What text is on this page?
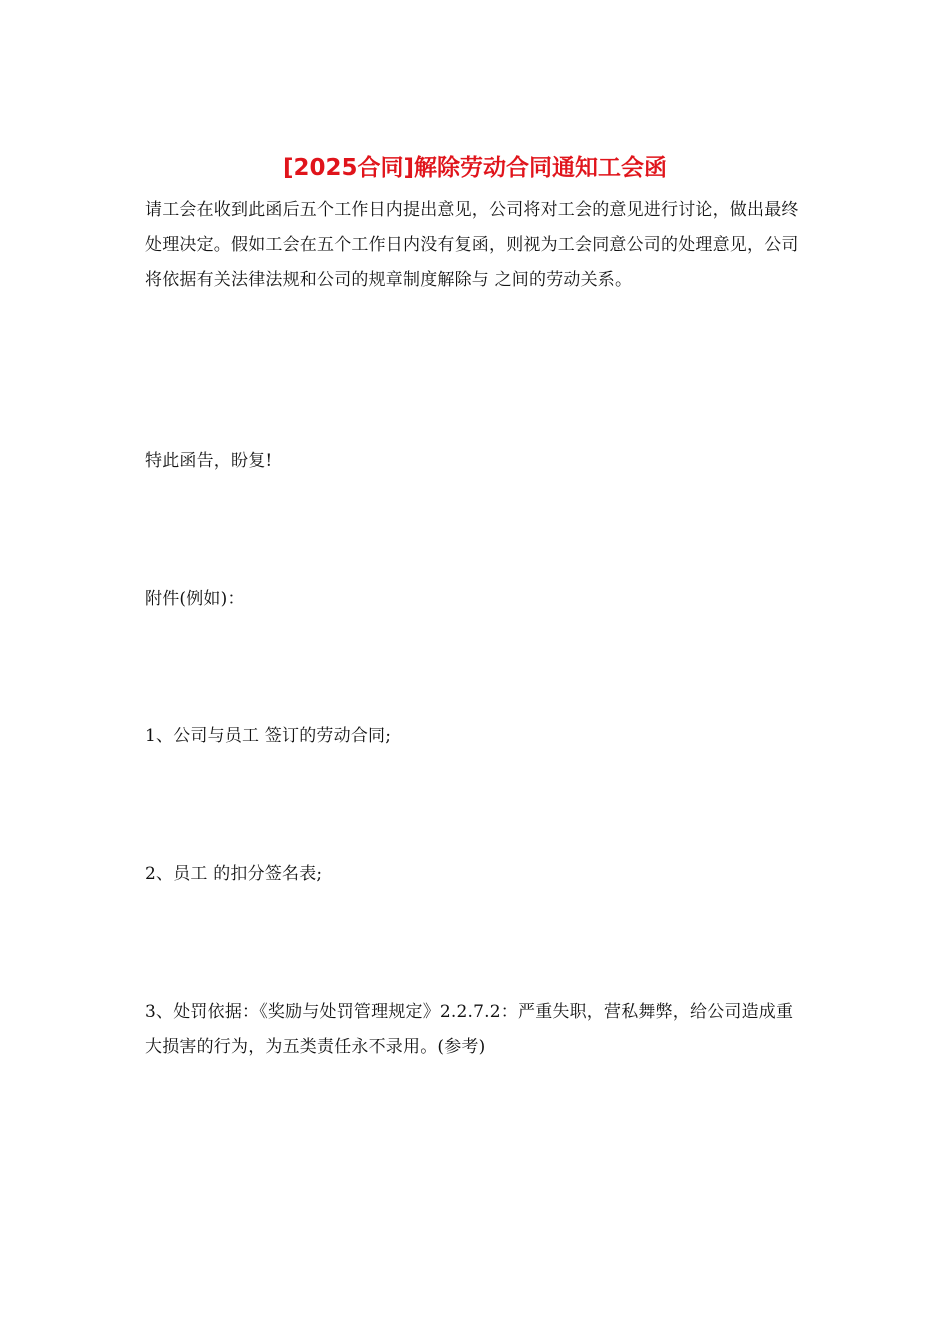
[2025合同]解除劳动合同通知工会函

请工会在收到此函后五个工作日内提出意见，公司将对工会的意见进行讨论，做出最终处理决定。假如工会在五个工作日内没有复函，则视为工会同意公司的处理意见，公司将依据有关法律法规和公司的规章制度解除与 之间的劳动关系。

特此函告，盼复!

附件(例如)：

1、公司与员工 签订的劳动合同;

2、员工 的扣分签名表;

3、处罚依据：《奖励与处罚管理规定》2.2.7.2：严重失职，营私舞弊，给公司造成重大损害的行为，为五类责任永不录用。(参考)
